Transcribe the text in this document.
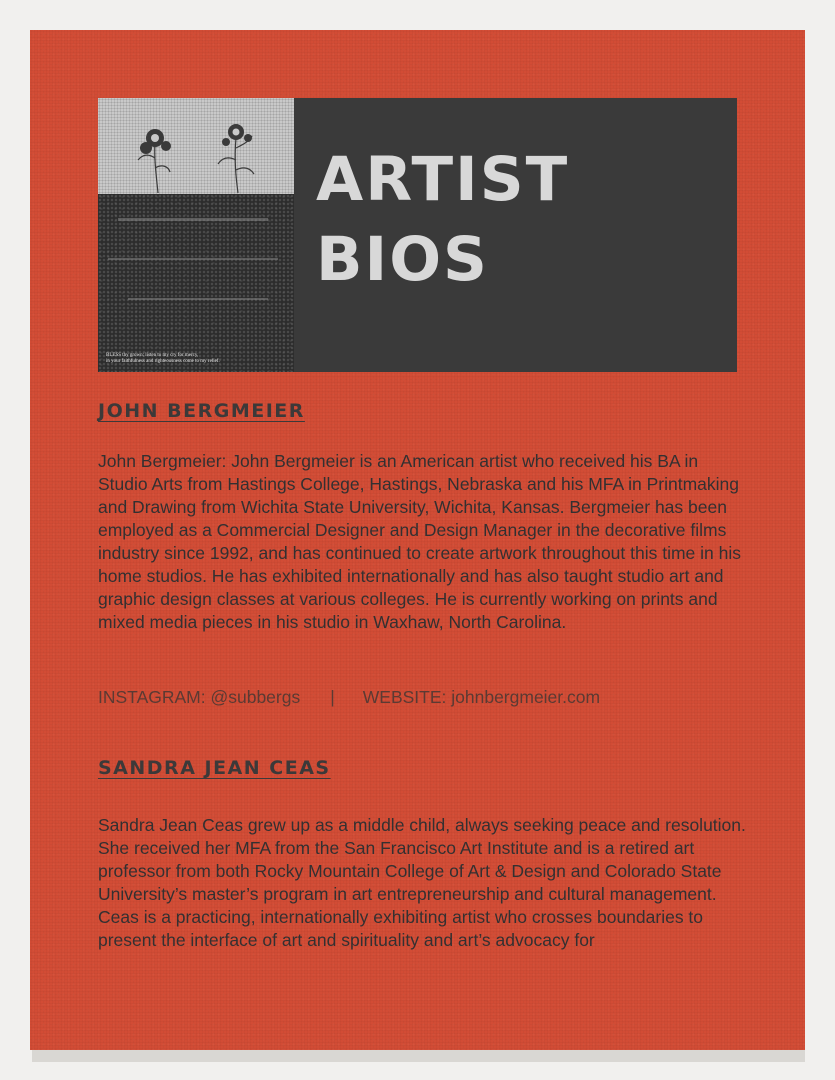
BLESS thy grown; listen to my cry for mercy,
in your faithfulness and righteousness come to my relief.
ARTIST
BIOS
JOHN BERGMEIER
John Bergmeier: John Bergmeier is an American artist who received his BA in Studio Arts from Hastings College, Hastings, Nebraska and his MFA in Printmaking and Drawing from Wichita State University, Wichita, Kansas. Bergmeier has been employed as a Commercial Designer and Design Manager in the decorative films industry since 1992, and has continued to create artwork throughout this time in his home studios. He has exhibited internationally and has also taught studio art and graphic design classes at various colleges. He is currently working on prints and mixed media pieces in his studio in Waxhaw, North Carolina.
INSTAGRAM: @subbergs | WEBSITE: johnbergmeier.com
SANDRA JEAN CEAS
Sandra Jean Ceas grew up as a middle child, always seeking peace and resolution. She received her MFA from the San Francisco Art Institute and is a retired art professor from both Rocky Mountain College of Art & Design and Colorado State University’s master’s program in art entrepreneurship and cultural management. Ceas is a practicing, internationally exhibiting artist who crosses boundaries to present the interface of art and spirituality and art’s advocacy for
